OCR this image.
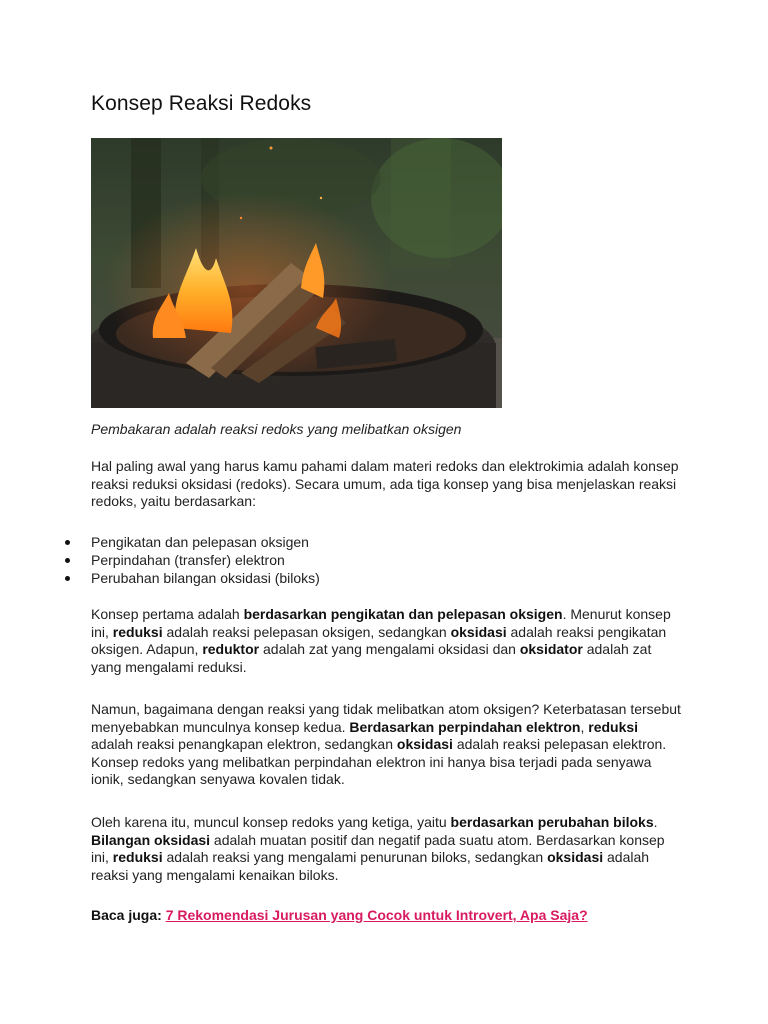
Konsep Reaksi Redoks
Pembakaran adalah reaksi redoks yang melibatkan oksigen

Hal paling awal yang harus kamu pahami dalam materi redoks dan elektrokimia adalah konsep reaksi reduksi oksidasi (redoks). Secara umum, ada tiga konsep yang bisa menjelaskan reaksi redoks, yaitu berdasarkan:

Pengikatan dan pelepasan oksigen
Perpindahan (transfer) elektron
Perubahan bilangan oksidasi (biloks)

Konsep pertama adalah berdasarkan pengikatan dan pelepasan oksigen. Menurut konsep ini, reduksi adalah reaksi pelepasan oksigen, sedangkan oksidasi adalah reaksi pengikatan oksigen. Adapun, reduktor adalah zat yang mengalami oksidasi dan oksidator adalah zat yang mengalami reduksi.

Namun, bagaimana dengan reaksi yang tidak melibatkan atom oksigen? Keterbatasan tersebut menyebabkan munculnya konsep kedua. Berdasarkan perpindahan elektron, reduksi adalah reaksi penangkapan elektron, sedangkan oksidasi adalah reaksi pelepasan elektron. Konsep redoks yang melibatkan perpindahan elektron ini hanya bisa terjadi pada senyawa ionik, sedangkan senyawa kovalen tidak.

Oleh karena itu, muncul konsep redoks yang ketiga, yaitu berdasarkan perubahan biloks. Bilangan oksidasi adalah muatan positif dan negatif pada suatu atom. Berdasarkan konsep ini, reduksi adalah reaksi yang mengalami penurunan biloks, sedangkan oksidasi adalah reaksi yang mengalami kenaikan biloks.

Baca juga: 7 Rekomendasi Jurusan yang Cocok untuk Introvert, Apa Saja?
